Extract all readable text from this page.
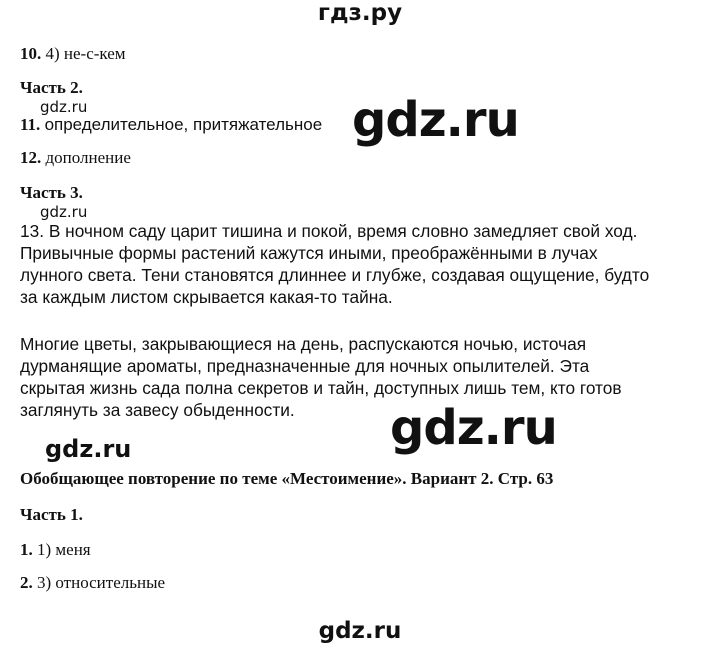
гдз.ру
10. 4) не-с-кем
Часть 2.
gdz.ru
11. определительное, притяжательное gdz.ru
12. дополнение
Часть 3.
gdz.ru
13. В ночном саду царит тишина и покой, время словно замедляет свой ход.
Привычные формы растений кажутся иными, преображёнными в лучах
лунного света. Тени становятся длиннее и глубже, создавая ощущение, будто
за каждым листом скрывается какая-то тайна.
Многие цветы, закрывающиеся на день, распускаются ночью, источая
дурманящие ароматы, предназначенные для ночных опылителей. Эта
скрытая жизнь сада полна секретов и тайн, доступных лишь тем, кто готов
заглянуть за завесу обыденности.	gdz.ru
gdz.ru
Обобщающее повторение по теме «Местоимение». Вариант 2. Стр. 63
Часть 1.
1. 1) меня
2. 3) относительные
gdz.ru
